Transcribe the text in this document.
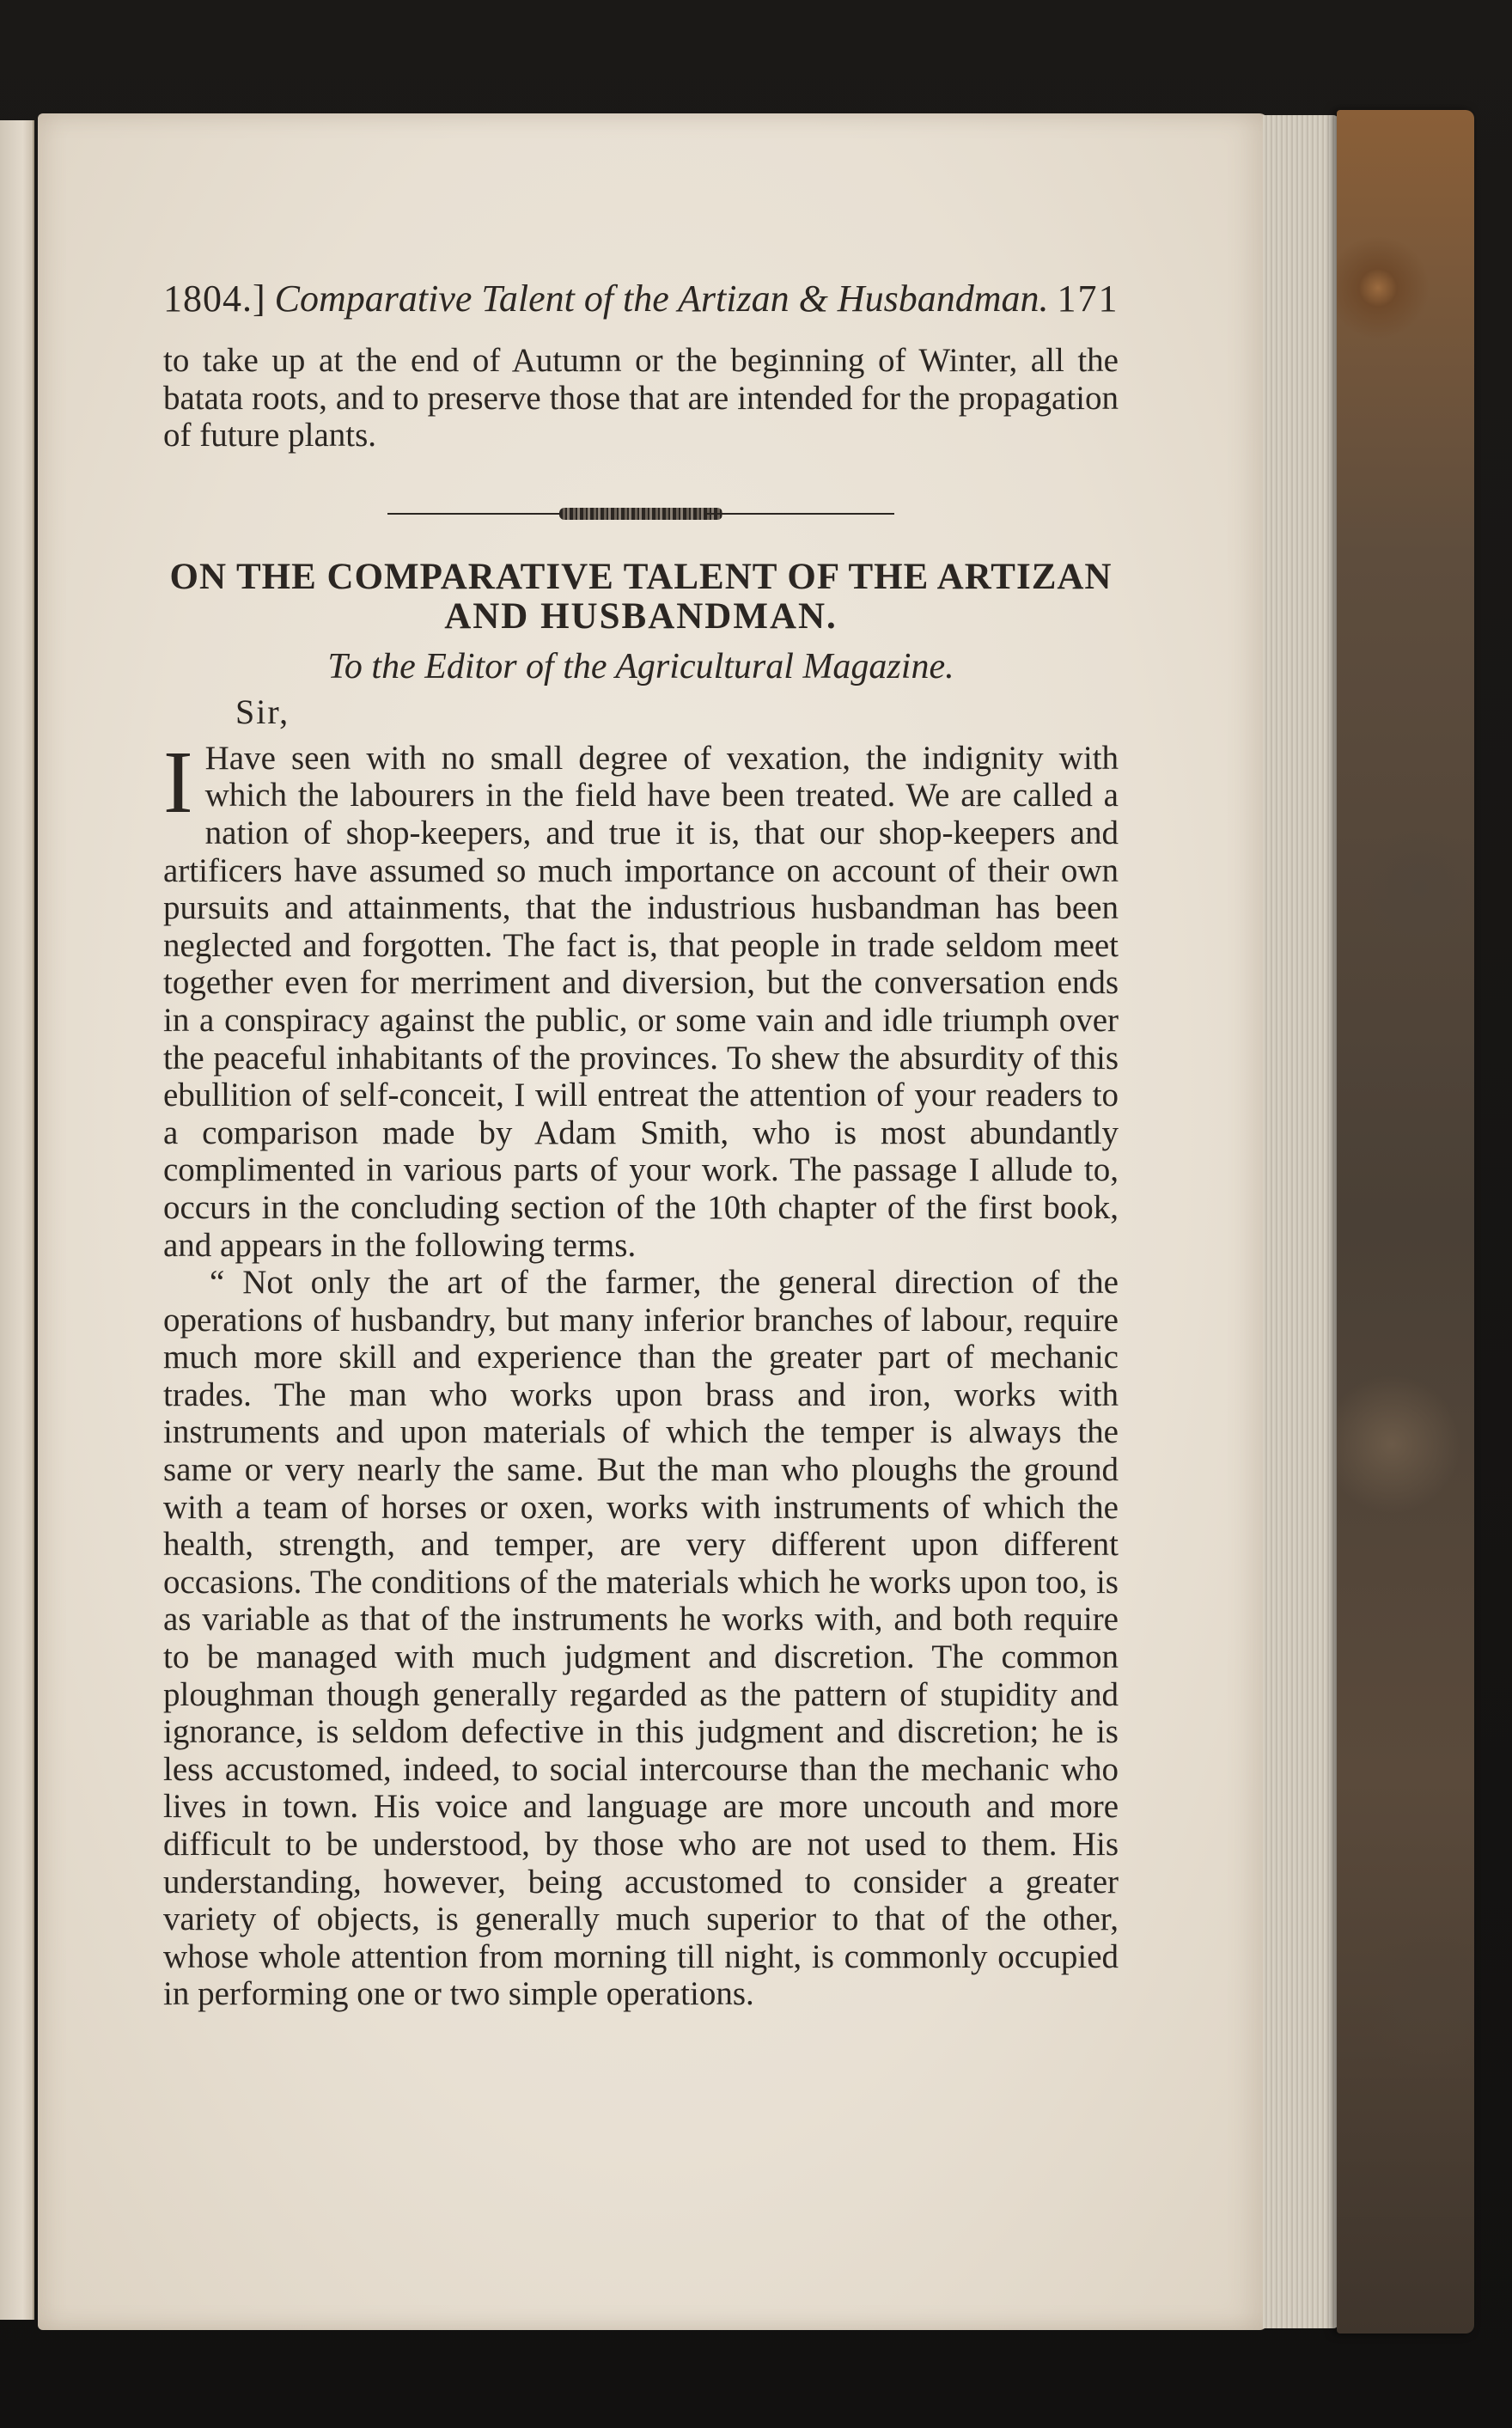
1804.] Comparative Talent of the Artizan & Husbandman. 171

to take up at the end of Autumn or the beginning of Winter, all the batata roots, and to preserve those that are intended for the propagation of future plants.

ON THE COMPARATIVE TALENT OF THE ARTIZAN
AND HUSBANDMAN.
To the Editor of the Agricultural Magazine.
Sir,
I Have seen with no small degree of vexation, the indignity with which the labourers in the field have been treated. We are called a nation of shop-keepers, and true it is, that our shop-keepers and artificers have assumed so much importance on account of their own pursuits and attainments, that the industrious husbandman has been neglected and forgotten. The fact is, that people in trade seldom meet together even for merriment and diversion, but the conversation ends in a conspiracy against the public, or some vain and idle triumph over the peaceful inhabitants of the provinces. To shew the absurdity of this ebullition of self-conceit, I will entreat the attention of your readers to a comparison made by Adam Smith, who is most abundantly complimented in various parts of your work. The passage I allude to, occurs in the concluding section of the 10th chapter of the first book, and appears in the following terms.

“ Not only the art of the farmer, the general direction of the operations of husbandry, but many inferior branches of labour, require much more skill and experience than the greater part of mechanic trades. The man who works upon brass and iron, works with instruments and upon materials of which the temper is always the same or very nearly the same. But the man who ploughs the ground with a team of horses or oxen, works with instruments of which the health, strength, and temper, are very different upon different occasions. The conditions of the materials which he works upon too, is as variable as that of the instruments he works with, and both require to be managed with much judgment and discretion. The common ploughman though generally regarded as the pattern of stupidity and ignorance, is seldom defective in this judgment and discretion; he is less accustomed, indeed, to social intercourse than the mechanic who lives in town. His voice and language are more uncouth and more difficult to be understood, by those who are not used to them. His understanding, however, being accustomed to consider a greater variety of objects, is generally much superior to that of the other, whose whole attention from morning till night, is commonly occupied in performing one or two simple operations.
